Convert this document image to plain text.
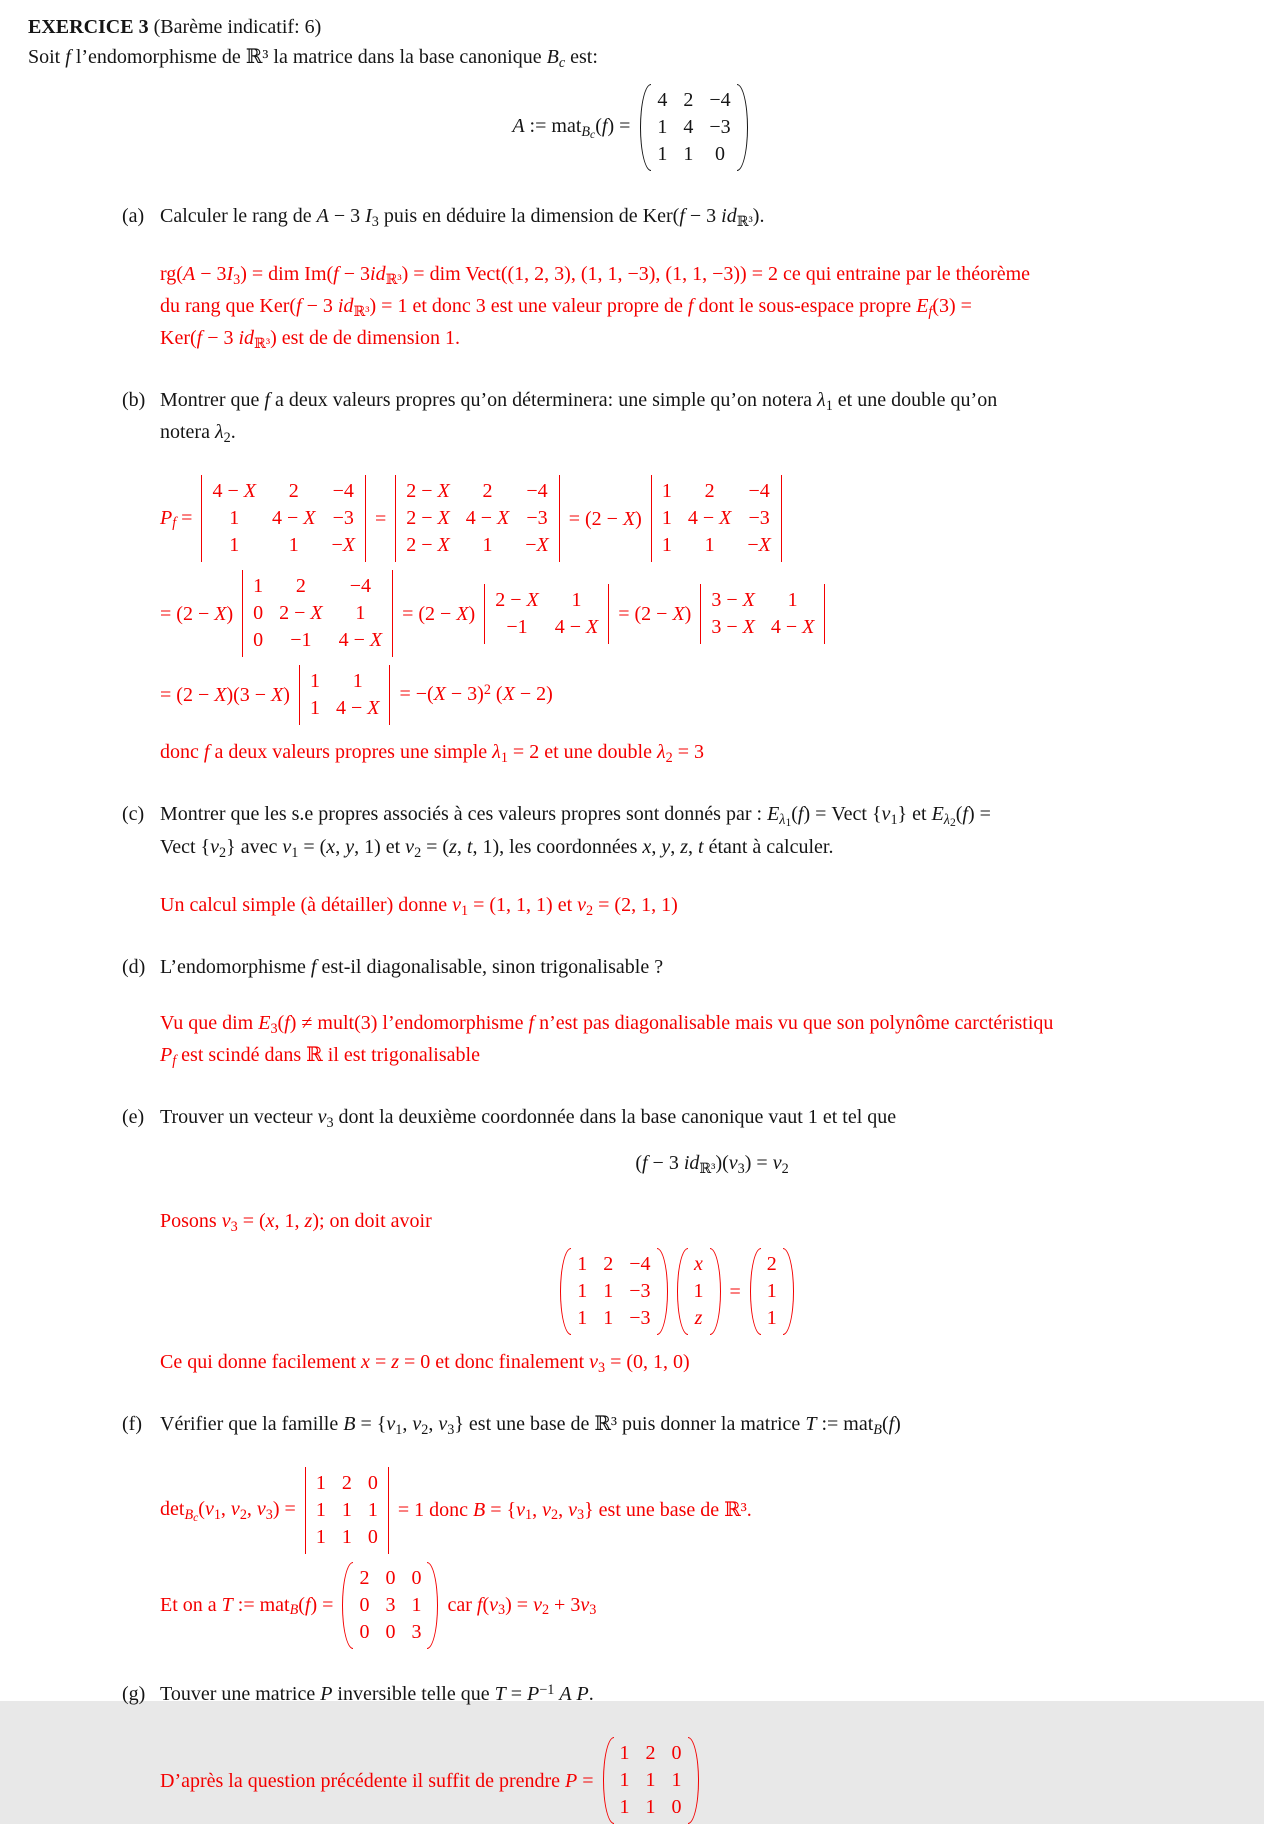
EXERCICE 3 (Barème indicatif: 6)
Soit f l’endomorphisme de ℝ³ la matrice dans la base canonique Bc est:
A := matB$_c$(f) =
4 2 −4
1 4 −3
1 1 0
(a) Calculer le rang de A − 3 I3 puis en déduire la dimension de Ker(f − 3 idℝ³).
rg(A − 3I3) = dim Im(f − 3idℝ³) = dim Vect((1, 2, 3), (1, 1, −3), (1, 1, −3)) = 2 ce qui entraine par le théorème
du rang que Ker(f − 3 idℝ³) = 1 et donc 3 est une valeur propre de f dont le sous-espace propre Ef(3) =
Ker(f − 3 idℝ³) est de de dimension 1.
(b) Montrer que f a deux valeurs propres qu’on déterminera: une simple qu’on notera λ1 et une double qu’on
notera λ2.
Pf =
4 − X 2 −4
1 4 − X −3
1 1 −X
=
2 − X 2 −4
2 − X 4 − X −3
2 − X 1 −X
= (2 − X)
1 2 −4
1 4 − X −3
1 1 −X
= (2 − X)
1 2 −4
0 2 − X 1
0 −1 4 − X
= (2 − X)
2 − X 1
−1 4 − X
= (2 − X)
3 − X 1
3 − X 4 − X
= (2 − X)(3 − X)
1 1
1 4 − X
= $-(X - 3)^2$ (X − 2)
donc f a deux valeurs propres une simple λ1 = 2 et une double λ2 = 3
(c) Montrer que les s.e propres associés à ces valeurs propres sont donnés par : $E\lambda_1(f)$ = Vect {v1} et $E\lambda_2(f)$ =
Vect {v2} avec v1 = (x, y, 1) et v2 = (z, t, 1), les coordonnées x, y, z, t étant à calculer.
Un calcul simple (à détailler) donne v1 = (1, 1, 1) et v2 = (2, 1, 1)
(d) L’endomorphisme f est-il diagonalisable, sinon trigonalisable ?
Vu que dim E3(f) ≠ mult(3) l’endomorphisme f n’est pas diagonalisable mais vu que son polynôme carctéristiqu
Pf est scindé dans ℝ il est trigonalisable
(e) Trouver un vecteur v3 dont la deuxième coordonnée dans la base canonique vaut 1 et tel que
(f − 3 idℝ³)(v3) = v2
Posons v3 = (x, 1, z); on doit avoir
1 2 −4
1 1 −3
1 1 −3
x
1
z
=
2
1
1
Ce qui donne facilement x = z = 0 et donc finalement v3 = (0, 1, 0)
(f) Vérifier que la famille B = {v1, v2, v3} est une base de ℝ³ puis donner la matrice T := matB(f)
detB$_c$(v1, v2, v3) =
1 2 0
1 1 1
1 1 0
= 1 donc B = {v1, v2, v3} est une base de ℝ³.
Et on a T := matB(f) =
2 0 0
0 3 1
0 0 3
car f(v3) = v2 + 3v3
(g) Touver une matrice P inversible telle que $T = P^{-1}$ A P.
D’après la question précédente il suffit de prendre P =
1 2 0
1 1 1
1 1 0
